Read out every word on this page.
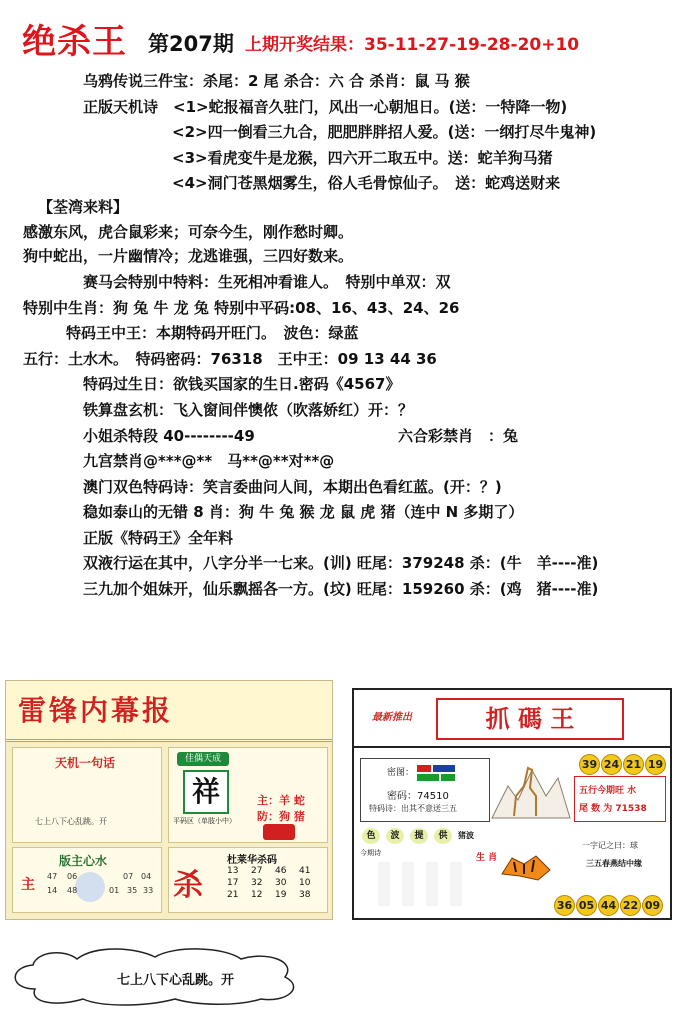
绝杀王 第207期 上期开奖结果：35-11-27-19-28-20+10
乌鸦传说三件宝：杀尾：2 尾 杀合：六 合 杀肖：鼠 马 猴
正版天机诗　<1>蛇报福音久驻门，风出一心朝旭日。(送：一特降一物)
<2>四一倒看三九合，肥肥胖胖招人爱。(送：一纲打尽牛鬼神)
<3>看虎变牛是龙猴，四六开二取五中。送：蛇羊狗马猪
<4>洞门苍黑烟雾生，俗人毛骨惊仙子。　送：蛇鸡送财来
【荃湾来料】
感激东风，虎合鼠彩来；可奈今生，刚作愁时卿。
狗中蛇出，一片幽情冷；龙逃谁强，三四好数来。
赛马会特别中特料：生死相冲看谁人。　特别中单双：双
特别中生肖：狗 兔 牛 龙 兔 特别中平码:08、16、43、24、26
特码王中王：本期特码开旺门。　波色：绿蓝
五行：土水木。　特码密码：76318　王中王：09 13 44 36
特码过生日：欲钱买国家的生日.密码《4567》
铁算盘玄机：飞入窗间伴懊侬（吹落娇红）开：？
小姐杀特段 40--------49	六合彩禁肖　：兔
九宫禁肖@***@**　马**@**对**@
澳门双色特码诗：笑言委曲问人间，本期出色看红蓝。(开：？)
稳如泰山的无错 8 肖：狗 牛 兔 猴 龙 鼠 虎 猪（连中 N 多期了）
正版《特码王》全年料
双液行运在其中，八字分半一七来。(训) 旺尾：379248 杀：(牛　羊----准)
三九加个姐妹开，仙乐飘摇各一方。(坟) 旺尾：159260 杀：(鸡　猪----准)
雷锋内幕报
天机一句话
七上八下心乱跳。开
佳偶天成
祥
平码区（单肢小中）
主：羊 蛇
防：狗 猪
版主心水
主
47 06	07 04
14 48	01 35 33 杀
杜莱华杀码
13	27	46	41
17	32	30	10
21	12	19	38
最新推出	抓 碼 王
39 24 21 19
密图：
密码：74510
特码诗：出其不意送三五
五行今期旺 水
尾 数 为 71538
色	波	提	供	猪波
今期诗	生 肖
一字记之曰：球
三五春燕结中缘
36 05 44 22 09
七上八下心乱跳。开
